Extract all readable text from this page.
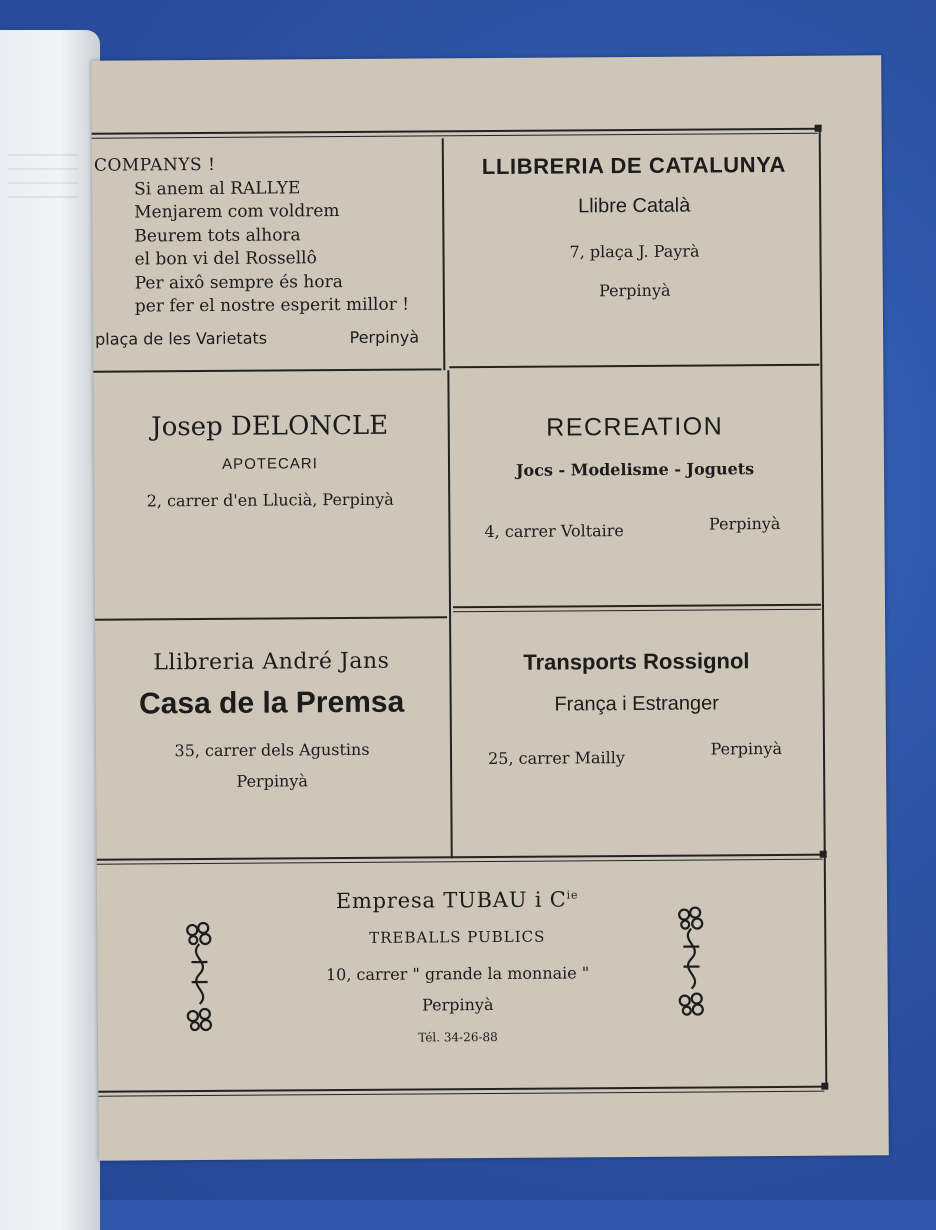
COMPANYS !
Si anem al RALLYE
Menjarem com voldrem
Beurem tots alhora
el bon vi del Rossellô
Per aixô sempre és hora
per fer el nostre esperit millor !
plaça de les Varietats	Perpinyà
LLIBRERIA DE CATALUNYA
Llibre Català
7, plaça J. Payrà
Perpinyà
Josep DELONCLE
APOTECARI
2, carrer d'en Llucià, Perpinyà
RECREATION
Jocs - Modelisme - Joguets
4, carrer Voltaire	Perpinyà
Llibreria André Jans
Casa de la Premsa
35, carrer dels Agustins
Perpinyà
Transports Rossignol
França i Estranger
25, carrer Mailly	Perpinyà
Empresa TUBAU i $C^{ie}$
TREBALLS PUBLICS
10, carrer " grande la monnaie "
Perpinyà
Tél. 34-26-88
